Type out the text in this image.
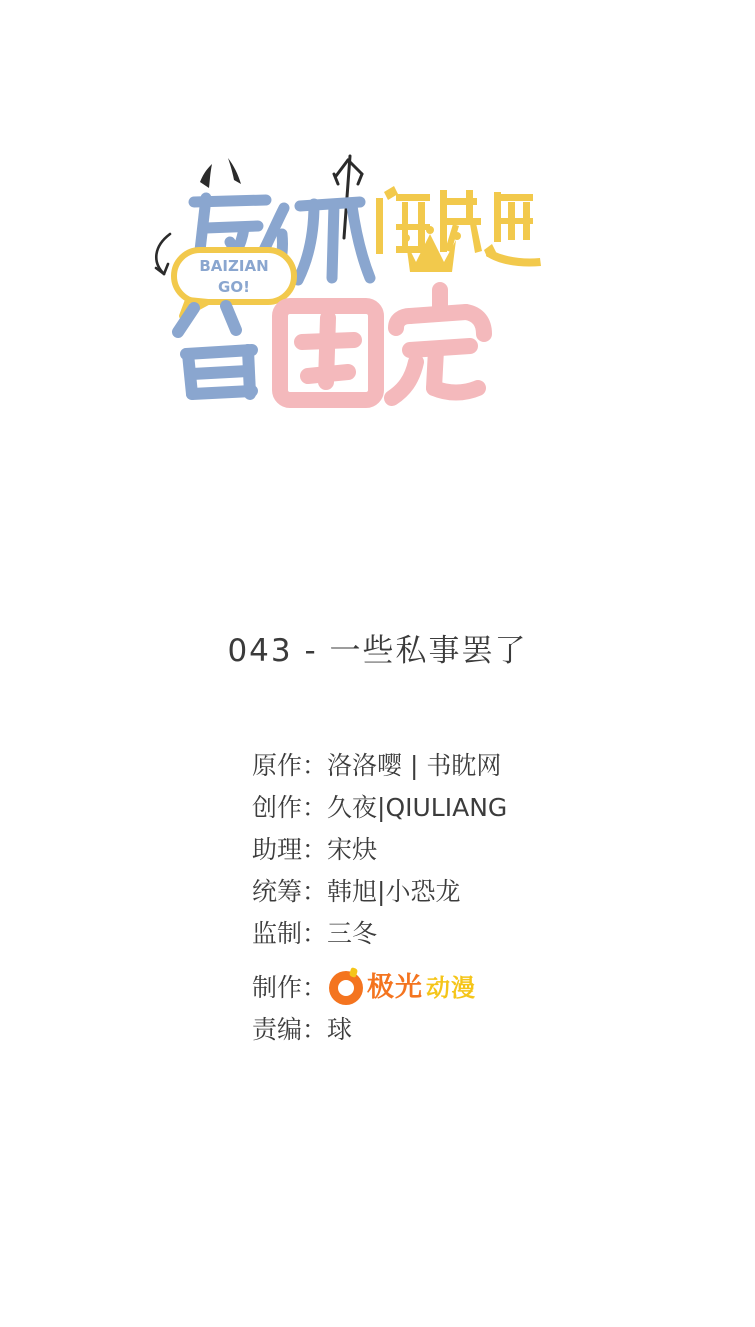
BAIZIAN
GO!
043 - 一些私事罢了
原作： 洛洛嘤 | 书眈网
创作： 久夜|QIULIANG
助理： 宋炔
统筹： 韩旭|小恐龙
监制： 三冬
制作： 极光 动漫
责编： 球
